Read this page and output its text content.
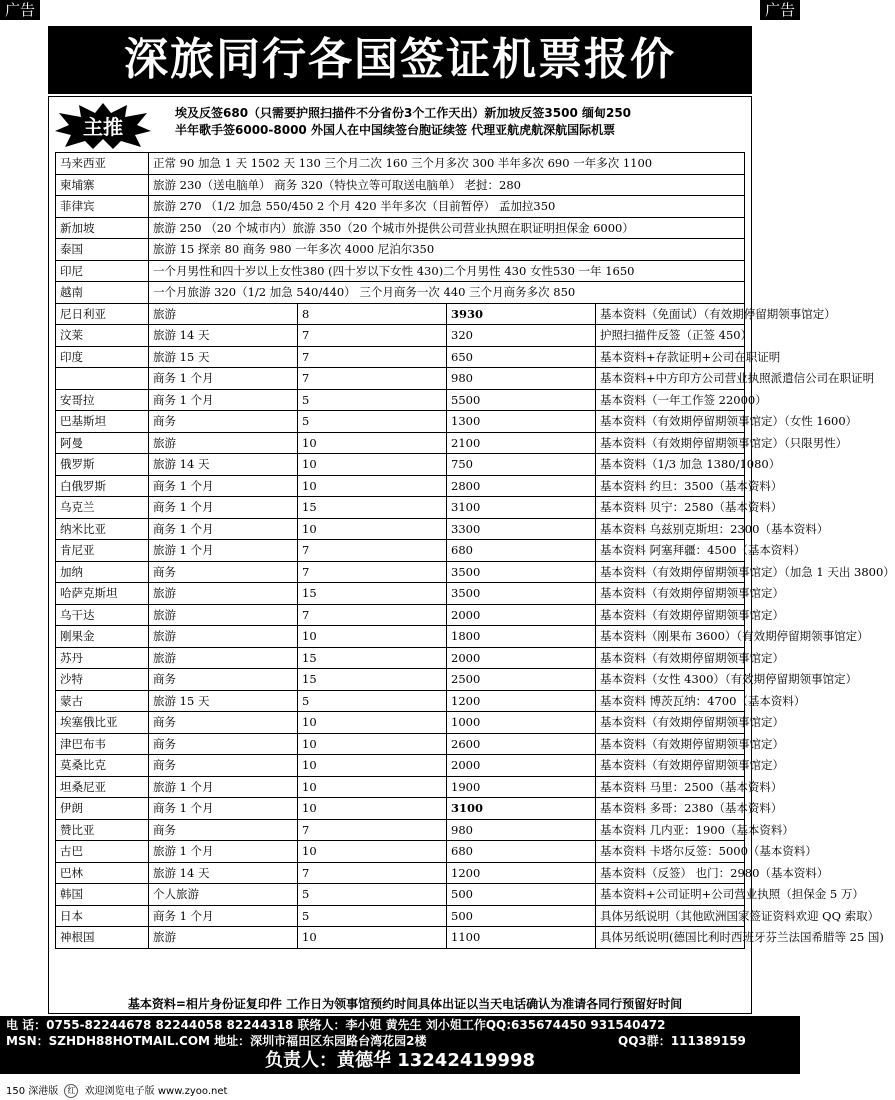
广告	广告
深旅同行各国签证机票报价
主推
埃及反签680（只需要护照扫描件不分省份3个工作天出）新加坡反签3500 缅甸250
半年歌手签6000-8000 外国人在中国续签台胞证续签 代理亚航虎航深航国际机票
马来西亚	正常 90 加急 1 天 1502 天 130 三个月二次 160 三个月多次 300 半年多次 690 一年多次 1100			
柬埔寨	旅游 230（送电脑单） 商务 320（特快立等可取送电脑单） 老挝：280			
菲律宾	旅游 270 （1/2 加急 550/450 2 个月 420 半年多次（目前暂停） 孟加拉350			
新加坡	旅游 250 （20 个城市内）旅游 350（20 个城市外提供公司营业执照在职证明担保金 6000）			
泰国	旅游 15 探亲 80 商务 980 一年多次 4000 尼泊尔350			
印尼	一个月男性和四十岁以上女性380 (四十岁以下女性 430)二个月男性 430 女性530 一年 1650			
越南	一个月旅游 320（1/2 加急 540/440） 三个月商务一次 440 三个月商务多次 850			
尼日利亚	旅游	8	3930	基本资料（免面试）（有效期停留期领事馆定）
汶莱	旅游 14 天	7	320	护照扫描件反签（正签 450）
印度	旅游 15 天	7	650	基本资料+存款证明+公司在职证明
	商务 1 个月	7	980	基本资料+中方印方公司营业执照派遣信公司在职证明
安哥拉	商务 1 个月	5	5500	基本资料（一年工作签 22000）
巴基斯坦	商务	5	1300	基本资料（有效期停留期领事馆定）（女性 1600）
阿曼	旅游	10	2100	基本资料（有效期停留期领事馆定）（只限男性）
俄罗斯	旅游 14 天	10	750	基本资料（1/3 加急 1380/1080）
白俄罗斯	商务 1 个月	10	2800	基本资料 约旦：3500（基本资料）
乌克兰	商务 1 个月	15	3100	基本资料 贝宁：2580（基本资料）
纳米比亚	商务 1 个月	10	3300	基本资料 乌兹别克斯坦：2300（基本资料）
肯尼亚	旅游 1 个月	7	680	基本资料 阿塞拜疆：4500（基本资料）
加纳	商务	7	3500	基本资料（有效期停留期领事馆定）（加急 1 天出 3800）
哈萨克斯坦	旅游	15	3500	基本资料（有效期停留期领事馆定）
乌干达	旅游	7	2000	基本资料（有效期停留期领事馆定）
刚果金	旅游	10	1800	基本资料（刚果布 3600）（有效期停留期领事馆定）
苏丹	旅游	15	2000	基本资料（有效期停留期领事馆定）
沙特	商务	15	2500	基本资料（女性 4300）（有效期停留期领事馆定）
蒙古	旅游 15 天	5	1200	基本资料 博茨瓦纳：4700（基本资料）
埃塞俄比亚	商务	10	1000	基本资料（有效期停留期领事馆定）
津巴布韦	商务	10	2600	基本资料（有效期停留期领事馆定）
莫桑比克	商务	10	2000	基本资料（有效期停留期领事馆定）
坦桑尼亚	旅游 1 个月	10	1900	基本资料 马里：2500（基本资料）
伊朗	商务 1 个月	10	3100	基本资料 多哥：2380（基本资料）
赞比亚	商务	7	980	基本资料 几内亚：1900（基本资料）
古巴	旅游 1 个月	10	680	基本资料 卡塔尔反签：5000（基本资料）
巴林	旅游 14 天	7	1200	基本资料（反签） 也门：2980（基本资料）
韩国	个人旅游	5	500	基本资料+公司证明+公司营业执照（担保金 5 万）
日本	商务 1 个月	5	500	具体另纸说明（其他欧洲国家签证资料欢迎 QQ 索取）
神根国	旅游	10	1100	具体另纸说明(德国比利时西班牙芬兰法国希腊等 25 国)
基本资料=相片身份证复印件 工作日为领事馆预约时间具体出证以当天电话确认为准请各同行预留好时间
电 话：0755-82244678 82244058 82244318 联络人：李小姐 黄先生 刘小姐工作QQ:635674450 931540472
MSN：SZHDH88HOTMAIL.COM 地址：深圳市福田区东园路台湾花园2楼	QQ3群：111389159
负责人：黄德华 13242419998
150 深港版 红 欢迎浏览电子版 www.zyoo.net
